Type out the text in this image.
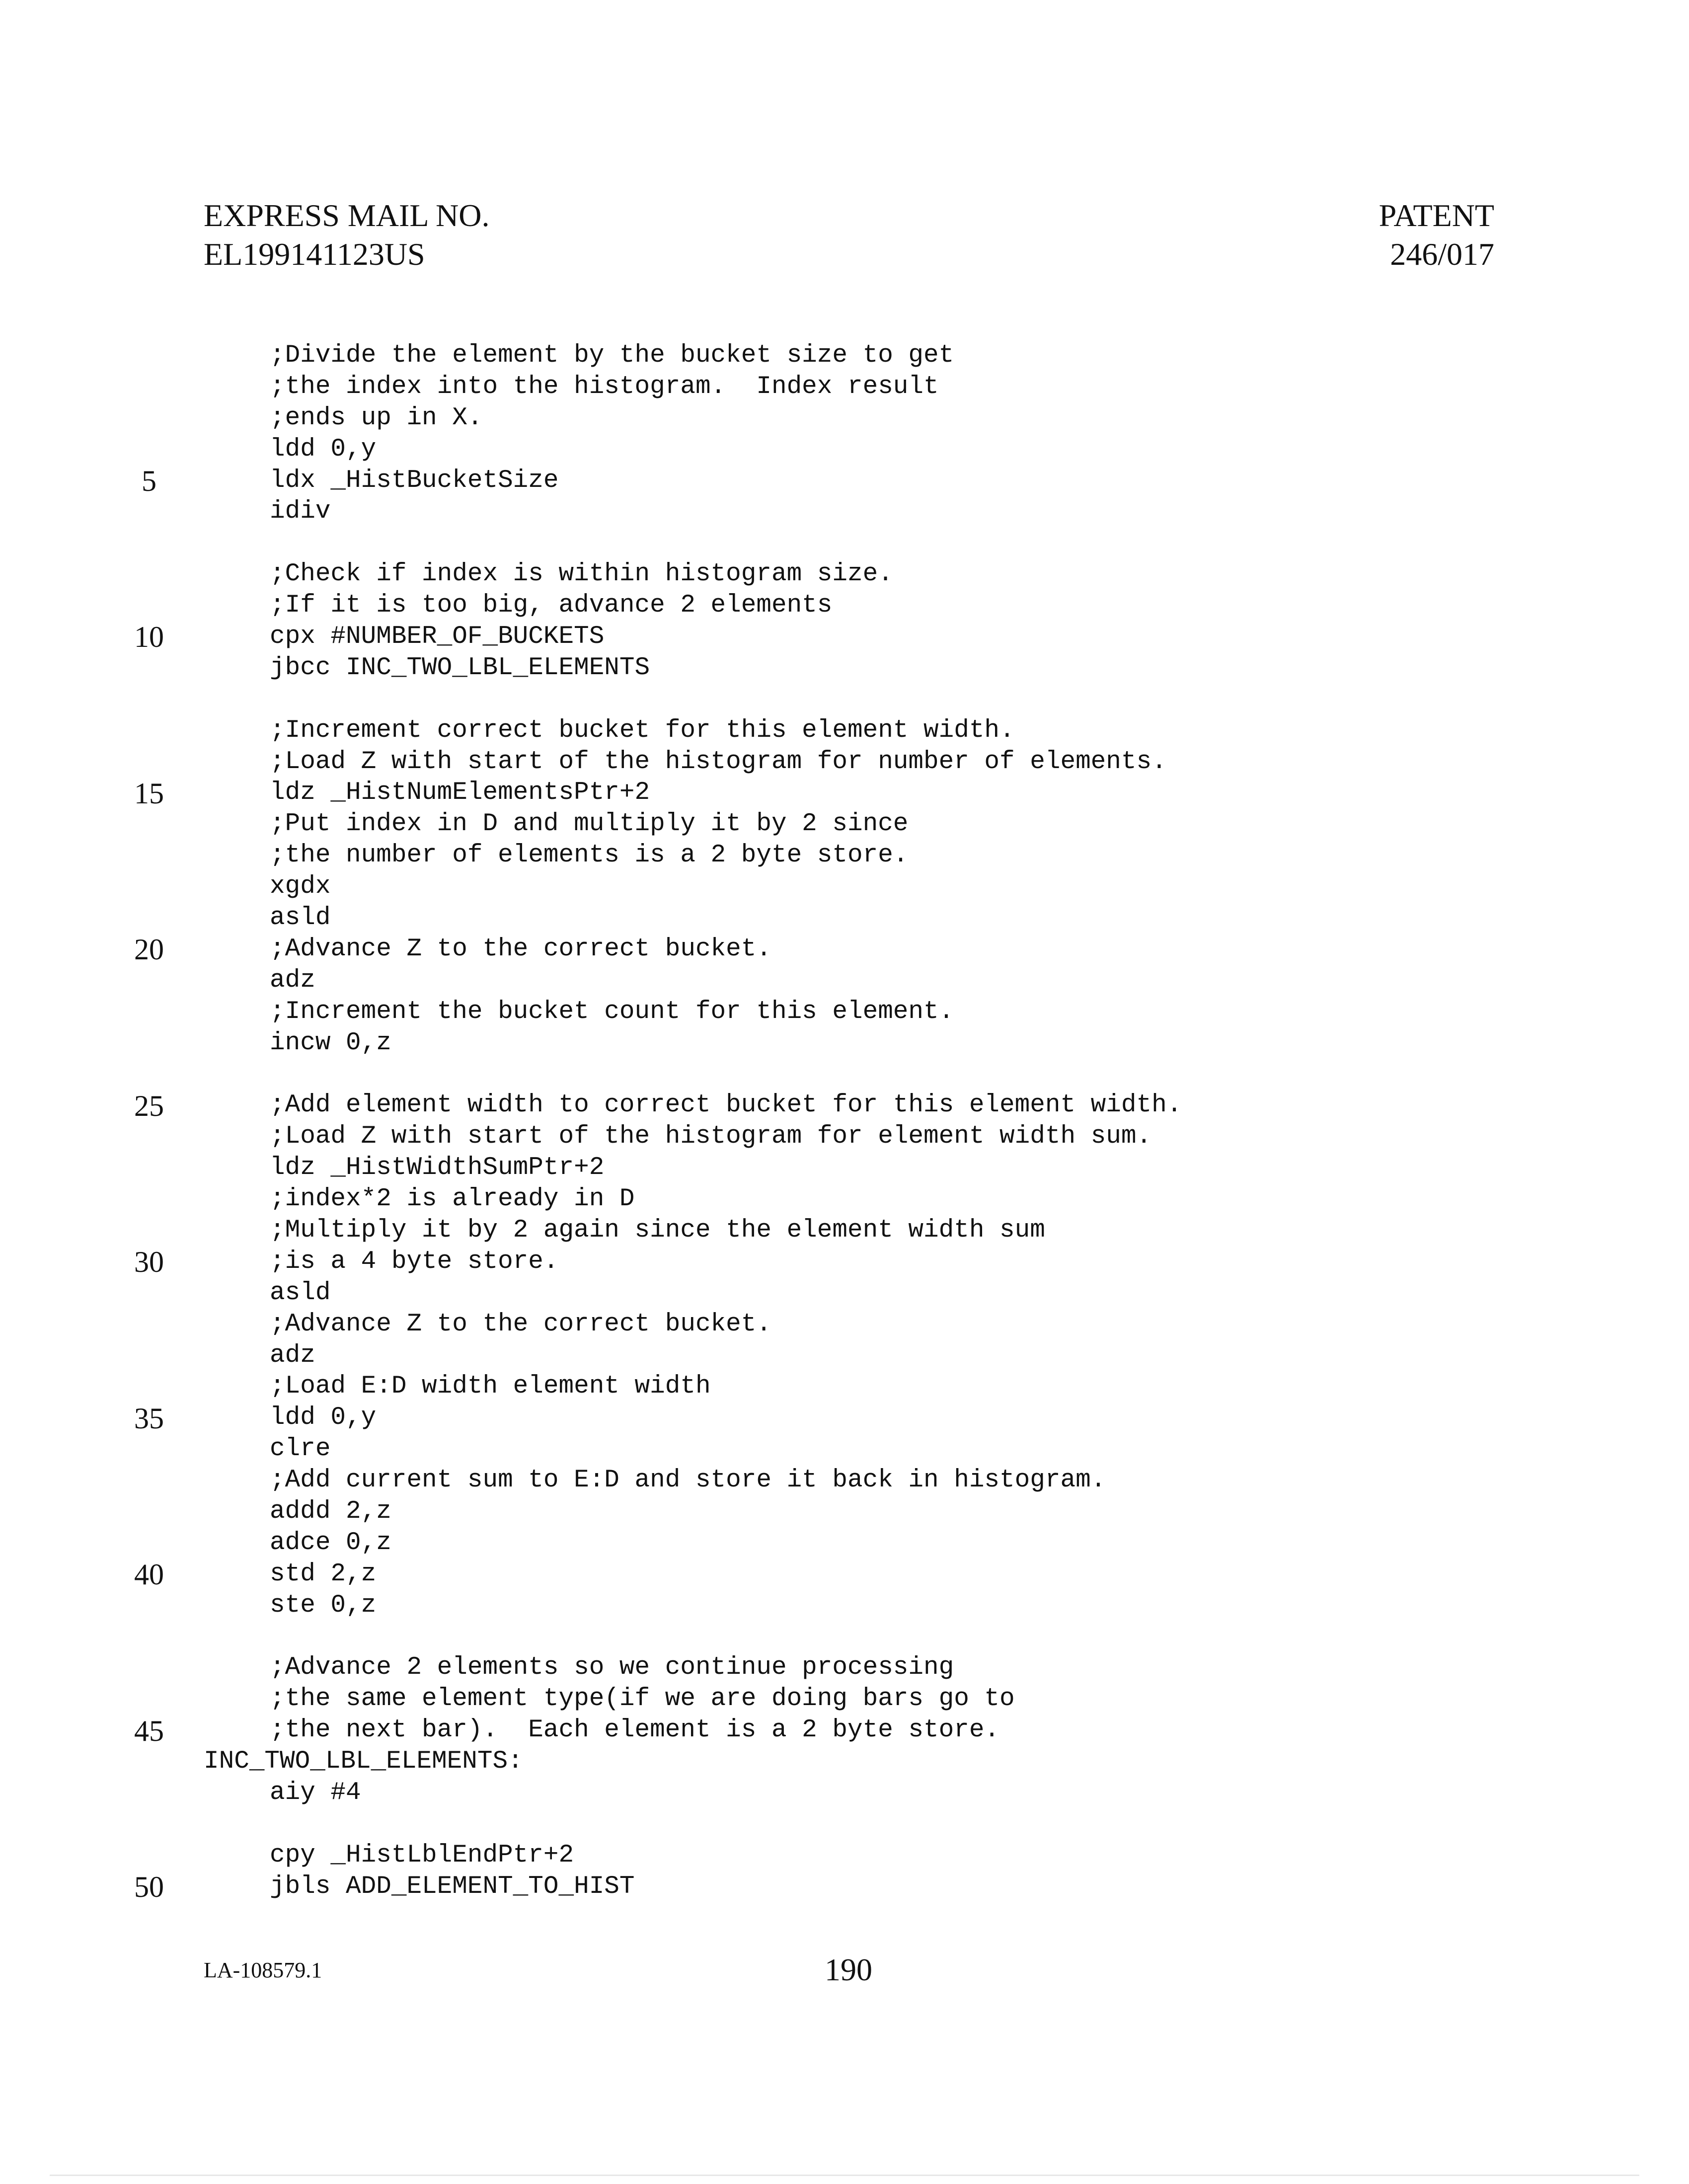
EXPRESS MAIL NO.
EL199141123US
PATENT
246/017
;Divide the element by the bucket size to get
;the index into the histogram.  Index result
;ends up in X.
ldd 0,y
ldx _HistBucketSize
idiv
;Check if index is within histogram size.
;If it is too big, advance 2 elements
cpx #NUMBER_OF_BUCKETS
jbcc INC_TWO_LBL_ELEMENTS
;Increment correct bucket for this element width.
;Load Z with start of the histogram for number of elements.
ldz _HistNumElementsPtr+2
;Put index in D and multiply it by 2 since
;the number of elements is a 2 byte store.
xgdx
asld
;Advance Z to the correct bucket.
adz
;Increment the bucket count for this element.
incw 0,z
;Add element width to correct bucket for this element width.
;Load Z with start of the histogram for element width sum.
ldz _HistWidthSumPtr+2
;index*2 is already in D
;Multiply it by 2 again since the element width sum
;is a 4 byte store.
asld
;Advance Z to the correct bucket.
adz
;Load E:D width element width
ldd 0,y
clre
;Add current sum to E:D and store it back in histogram.
addd 2,z
adce 0,z
std 2,z
ste 0,z
;Advance 2 elements so we continue processing
;the same element type(if we are doing bars go to
;the next bar).  Each element is a 2 byte store.
INC_TWO_LBL_ELEMENTS:
aiy #4
cpy _HistLblEndPtr+2
jbls ADD_ELEMENT_TO_HIST
5
10
15
20
25
30
35
40
45
50
LA-108579.1	190
